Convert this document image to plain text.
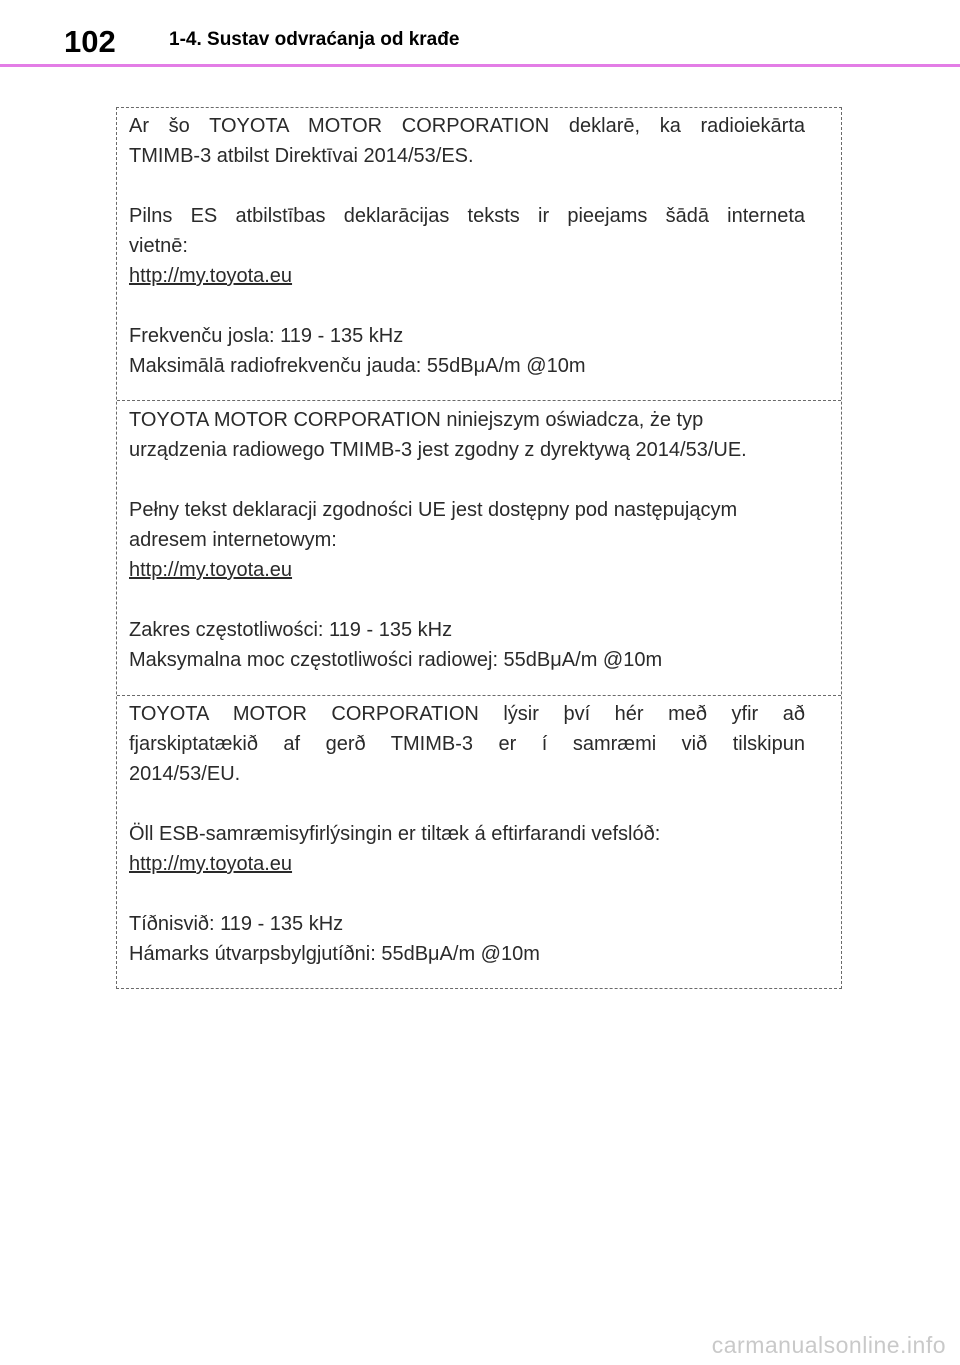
102	1-4. Sustav odvraćanja od krađe

Ar šo TOYOTA MOTOR CORPORATION deklarē, ka radioiekārta

TMIMB-3 atbilst Direktīvai 2014/53/ES.

Pilns ES atbilstības deklarācijas teksts ir pieejams šādā interneta

vietnē:

http://my.toyota.eu

Frekvenču josla: 119 - 135 kHz

Maksimālā radiofrekvenču jauda: 55dBμA/m @10m

TOYOTA MOTOR CORPORATION niniejszym oświadcza, że typ

urządzenia radiowego TMIMB-3 jest zgodny z dyrektywą 2014/53/UE.

Pełny tekst deklaracji zgodności UE jest dostępny pod następującym

adresem internetowym:

http://my.toyota.eu

Zakres częstotliwości: 119 - 135 kHz

Maksymalna moc częstotliwości radiowej: 55dBμA/m @10m

TOYOTA MOTOR CORPORATION lýsir því hér með yfir að

fjarskiptatækið af gerð TMIMB-3 er í samræmi við tilskipun

2014/53/EU.

Öll ESB-samræmisyfirlýsingin er tiltæk á eftirfarandi vefslóð:

http://my.toyota.eu

Tíðnisvið: 119 - 135 kHz

Hámarks útvarpsbylgjutíðni: 55dBμA/m @10m

carmanualsonline.info
